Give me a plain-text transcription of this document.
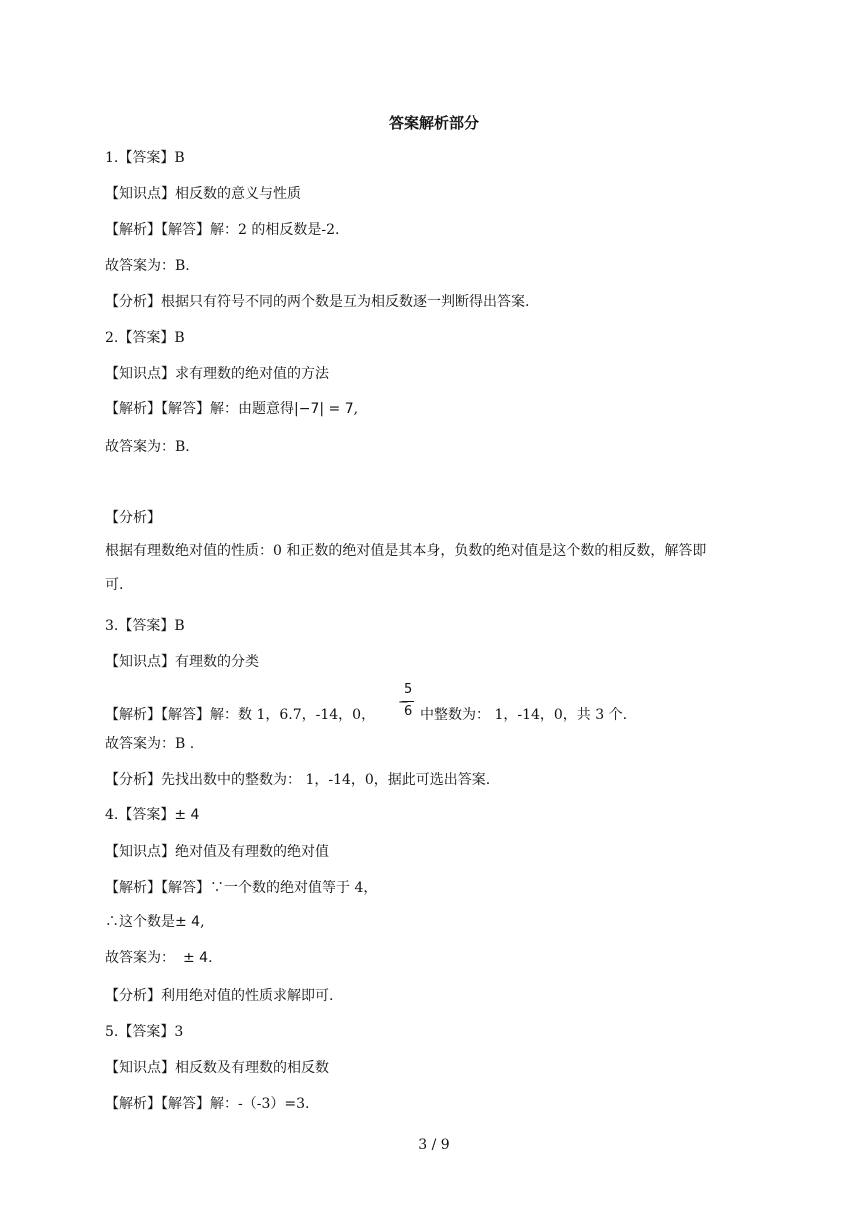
答案解析部分
1.【答案】B
【知识点】相反数的意义与性质
【解析】【解答】解：2 的相反数是-2.
故答案为：B.
【分析】根据只有符号不同的两个数是互为相反数逐一判断得出答案.
2.【答案】B
【知识点】求有理数的绝对值的方法
【解析】【解答】解：由题意得|−7| = 7,
故答案为：B.
【分析】
根据有理数绝对值的性质：0 和正数的绝对值是其本身，负数的绝对值是这个数的相反数，解答即
可.
3.【答案】B
【知识点】有理数的分类
−
5
6
【解析】【解答】解：数 1，6.7，-14，0，	中整数为： 1，-14，0，共 3 个.
故答案为：B .
【分析】先找出数中的整数为： 1，-14，0，据此可选出答案.
4.【答案】± 4
【知识点】绝对值及有理数的绝对值
【解析】【解答】∵一个数的绝对值等于 4，
∴这个数是± 4,
故答案为： ± 4.
【分析】利用绝对值的性质求解即可.
5.【答案】3
【知识点】相反数及有理数的相反数
【解析】【解答】解：-（-3）=3.
3 / 9
